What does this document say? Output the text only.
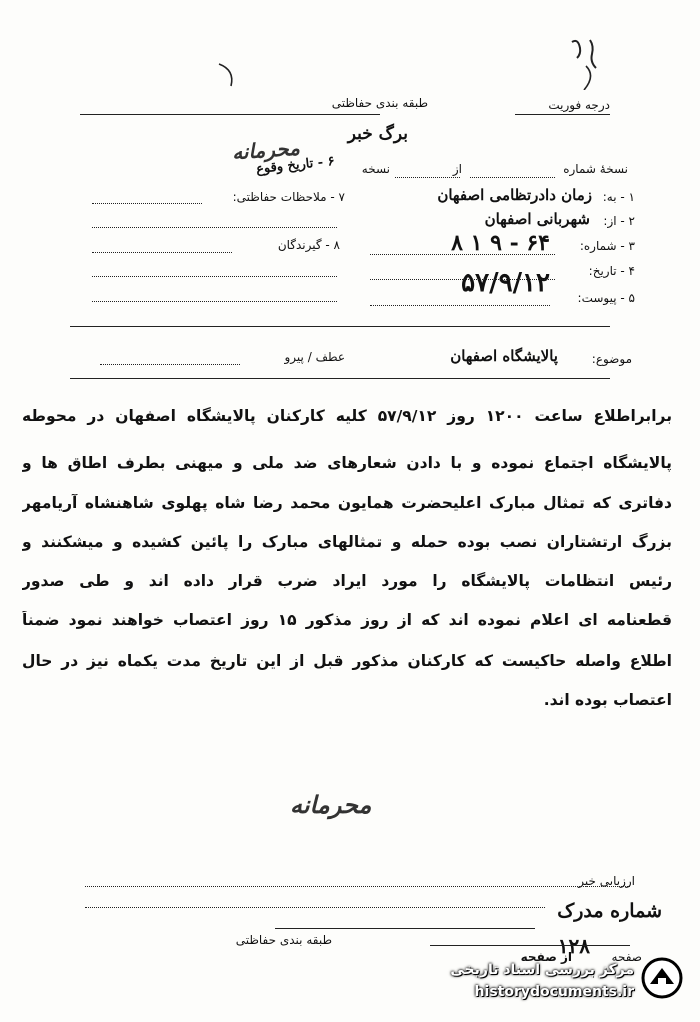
درجه فوریت
طبقه بندی حفاظتی
برگ خبر
محرمانه
نسخهٔ شماره
از
نسخه
۶ - تاریخ وقوع
۷ - ملاحظات حفاظتی:
۸ - گیرندگان
۱ - به:
زمان دادرتظامی اصفهان
۲ - از:
شهربانی اصفهان
۳ - شماره:
۶۴ - ۹ ۱ ۸
۴ - تاریخ:
۵۷/۹/۱۲ ۵ - پیوست:
موضوع:
پالایشگاه اصفهان
عطف / پیرو
برابراطلاع ساعت ۱۲۰۰ روز ۵۷/۹/۱۲ کلیه کارکنان پالایشگاه اصفهان در محوطه
پالایشگاه اجتماع نموده و با دادن شعارهای ضد ملی و میهنی بطرف اطاق ها و
دفاتری که تمثال مبارک اعلیحضرت همایون محمد رضا شاه پهلوی شاهنشاه آریامهر
بزرگ ارتشتاران نصب بوده حمله و تمثالهای مبارک را پائین کشیده و میشکنند و
رئیس انتظامات پالایشگاه را مورد ایراد ضرب قرار داده اند و طی صدور
قطعنامه ای اعلام نموده اند که از روز مذکور ۱۵ روز اعتصاب خواهند نمود ضمناً
اطلاع واصله حاکیست که کارکنان مذکور قبل از این تاریخ مدت یکماه نیز در حال
اعتصاب بوده اند.
محرمانه
ارزیابی خبر
شماره مدرک
طبقه بندی حفاظتی
صفحه
۱۲۸
از صفحه
مرکز بررسی اسناد تاریخی
historydocuments.ir
